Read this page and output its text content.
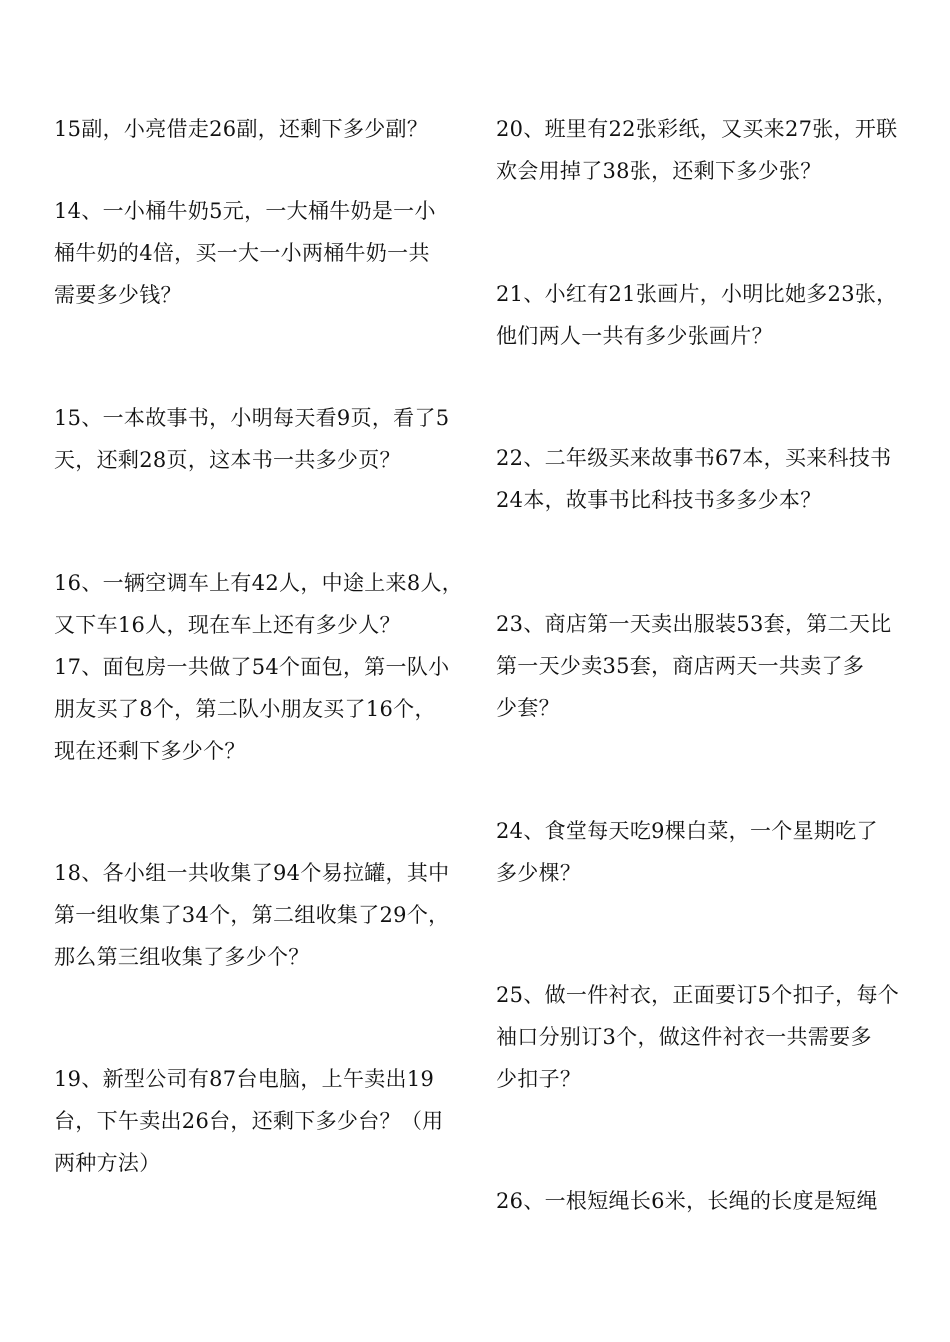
15副，小亮借走26副，还剩下多少副？
14、一小桶牛奶5元，一大桶牛奶是一小
桶牛奶的4倍，买一大一小两桶牛奶一共
需要多少钱？
15、一本故事书，小明每天看9页，看了5
天，还剩28页，这本书一共多少页？
16、一辆空调车上有42人，中途上来8人，
又下车16人，现在车上还有多少人？
17、面包房一共做了54个面包，第一队小
朋友买了8个，第二队小朋友买了16个，
现在还剩下多少个？
18、各小组一共收集了94个易拉罐，其中
第一组收集了34个，第二组收集了29个，
那么第三组收集了多少个？
19、新型公司有87台电脑，上午卖出19
台，下午卖出26台，还剩下多少台？（用
两种方法）
20、班里有22张彩纸，又买来27张，开联
欢会用掉了38张，还剩下多少张？
21、小红有21张画片，小明比她多23张，
他们两人一共有多少张画片？
22、二年级买来故事书67本，买来科技书
24本，故事书比科技书多多少本？
23、商店第一天卖出服装53套，第二天比
第一天少卖35套，商店两天一共卖了多
少套？
24、食堂每天吃9棵白菜，一个星期吃了
多少棵？
25、做一件衬衣，正面要订5个扣子，每个
袖口分别订3个，做这件衬衣一共需要多
少扣子？
26、一根短绳长6米，长绳的长度是短绳
